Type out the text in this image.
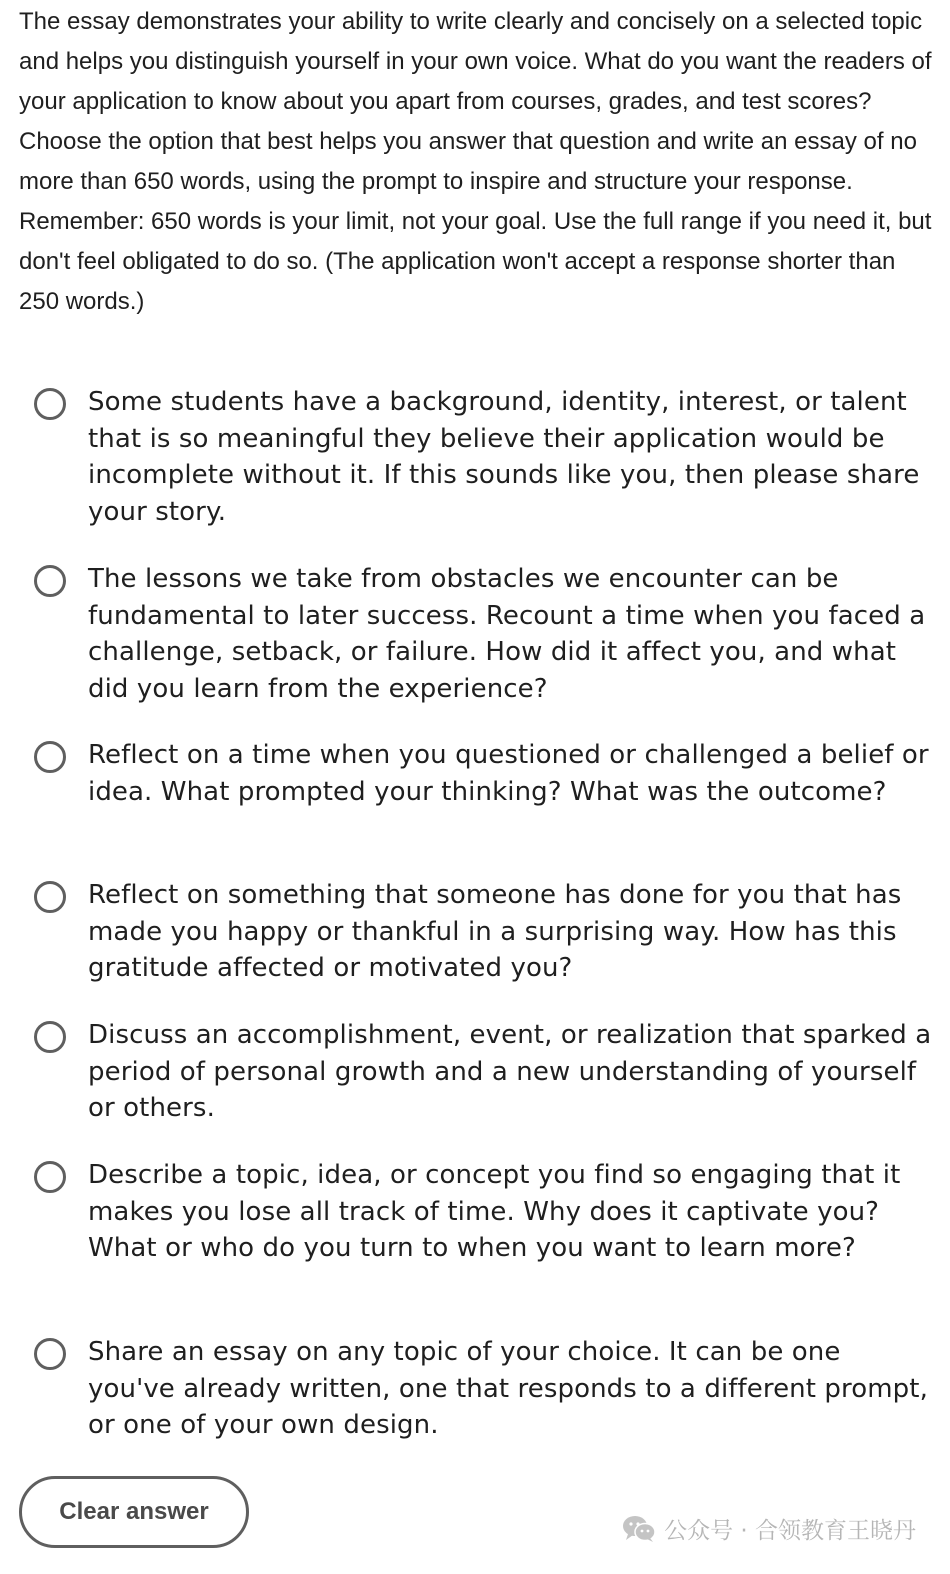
The essay demonstrates your ability to write clearly and concisely on a selected topic and helps you distinguish yourself in your own voice. What do you want the readers of your application to know about you apart from courses, grades, and test scores? Choose the option that best helps you answer that question and write an essay of no more than 650 words, using the prompt to inspire and structure your response. Remember: 650 words is your limit, not your goal. Use the full range if you need it, but don't feel obligated to do so. (The application won't accept a response shorter than 250 words.)

Some students have a background, identity, interest, or talent that is so meaningful they believe their application would be incomplete without it. If this sounds like you, then please share your story.
The lessons we take from obstacles we encounter can be fundamental to later success. Recount a time when you faced a challenge, setback, or failure. How did it affect you, and what did you learn from the experience?
Reflect on a time when you questioned or challenged a belief or idea. What prompted your thinking? What was the outcome?
Reflect on something that someone has done for you that has made you happy or thankful in a surprising way. How has this gratitude affected or motivated you?
Discuss an accomplishment, event, or realization that sparked a period of personal growth and a new understanding of yourself or others.
Describe a topic, idea, or concept you find so engaging that it makes you lose all track of time. Why does it captivate you? What or who do you turn to when you want to learn more?
Share an essay on any topic of your choice. It can be one you've already written, one that responds to a different prompt, or one of your own design.
Clear answer
公众号 · 合领教育王晓丹
